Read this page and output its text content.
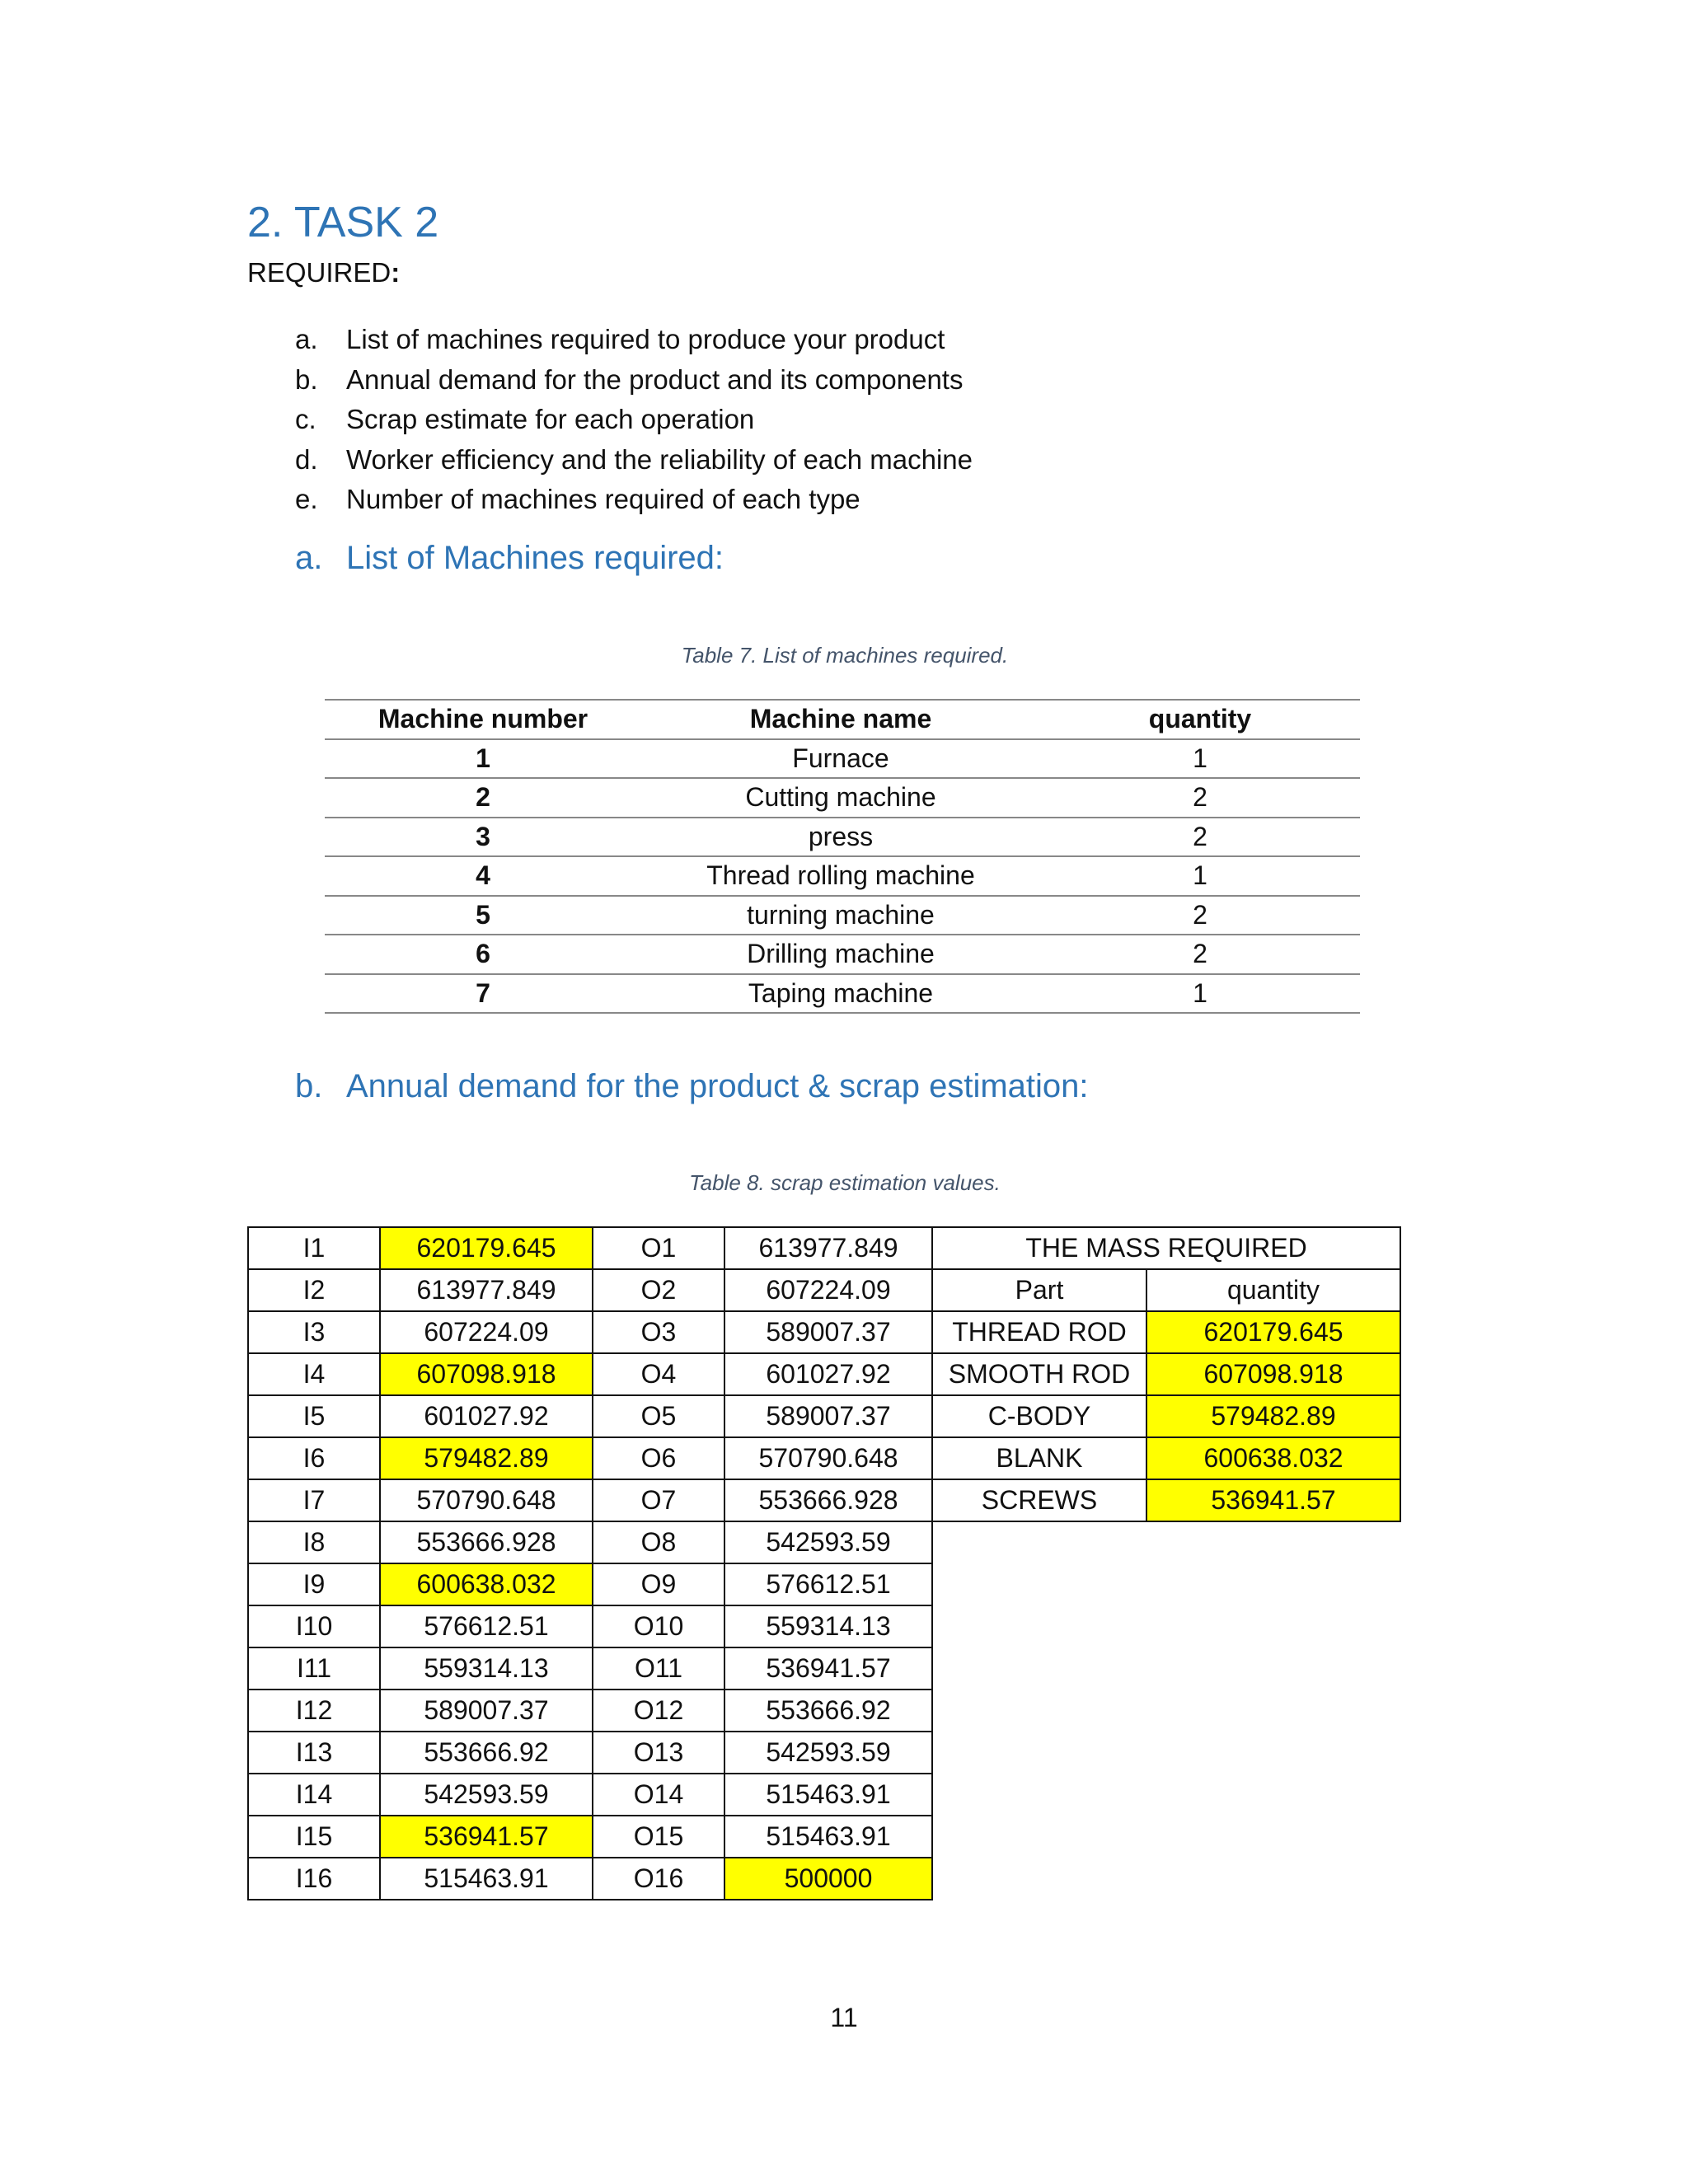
2. TASK 2
REQUIRED:
a. List of machines required to produce your product
b. Annual demand for the product and its components
c. Scrap estimate for each operation
d. Worker efficiency and the reliability of each machine
e. Number of machines required of each type
a. List of Machines required:
Table 7. List of machines required.
Machine number	Machine name	quantity
1	Furnace	1
2	Cutting machine	2
3	press	2
4	Thread rolling machine	1
5	turning machine	2
6	Drilling machine	2
7	Taping machine	1
b. Annual demand for the product & scrap estimation:
Table 8. scrap estimation values.
I1	620179.645	O1	613977.849	THE MASS REQUIRED	
I2	613977.849	O2	607224.09	Part	quantity
I3	607224.09	O3	589007.37	THREAD ROD	620179.645
I4	607098.918	O4	601027.92	SMOOTH ROD	607098.918
I5	601027.92	O5	589007.37	C-BODY	579482.89
I6	579482.89	O6	570790.648	BLANK	600638.032
I7	570790.648	O7	553666.928	SCREWS	536941.57
I8	553666.928	O8	542593.59		
I9	600638.032	O9	576612.51		
I10	576612.51	O10	559314.13		
I11	559314.13	O11	536941.57		
I12	589007.37	O12	553666.92		
I13	553666.92	O13	542593.59		
I14	542593.59	O14	515463.91		
I15	536941.57	O15	515463.91		
I16	515463.91	O16	500000		
11
